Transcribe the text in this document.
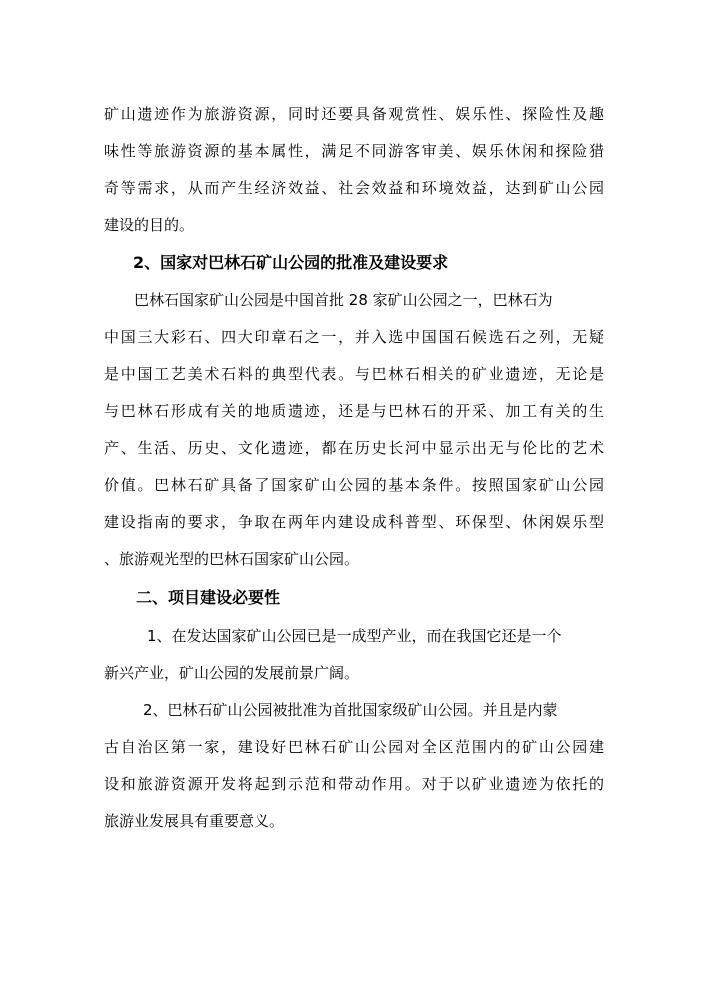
矿山遗迹作为旅游资源，同时还要具备观赏性、娱乐性、探险性及趣
味性等旅游资源的基本属性，满足不同游客审美、娱乐休闲和探险猎
奇等需求，从而产生经济效益、社会效益和环境效益，达到矿山公园
建设的目的。
2、国家对巴林石矿山公园的批准及建设要求
巴林石国家矿山公园是中国首批 28 家矿山公园之一，巴林石为
中国三大彩石、四大印章石之一，并入选中国国石候选石之列，无疑
是中国工艺美术石料的典型代表。与巴林石相关的矿业遗迹，无论是
与巴林石形成有关的地质遗迹，还是与巴林石的开采、加工有关的生
产、生活、历史、文化遗迹，都在历史长河中显示出无与伦比的艺术
价值。巴林石矿具备了国家矿山公园的基本条件。按照国家矿山公园
建设指南的要求，争取在两年内建设成科普型、环保型、休闲娱乐型
、旅游观光型的巴林石国家矿山公园。
二、项目建设必要性
1、在发达国家矿山公园已是一成型产业，而在我国它还是一个
新兴产业，矿山公园的发展前景广阔。
2、巴林石矿山公园被批准为首批国家级矿山公园。并且是内蒙
古自治区第一家，建设好巴林石矿山公园对全区范围内的矿山公园建
设和旅游资源开发将起到示范和带动作用。对于以矿业遗迹为依托的
旅游业发展具有重要意义。
